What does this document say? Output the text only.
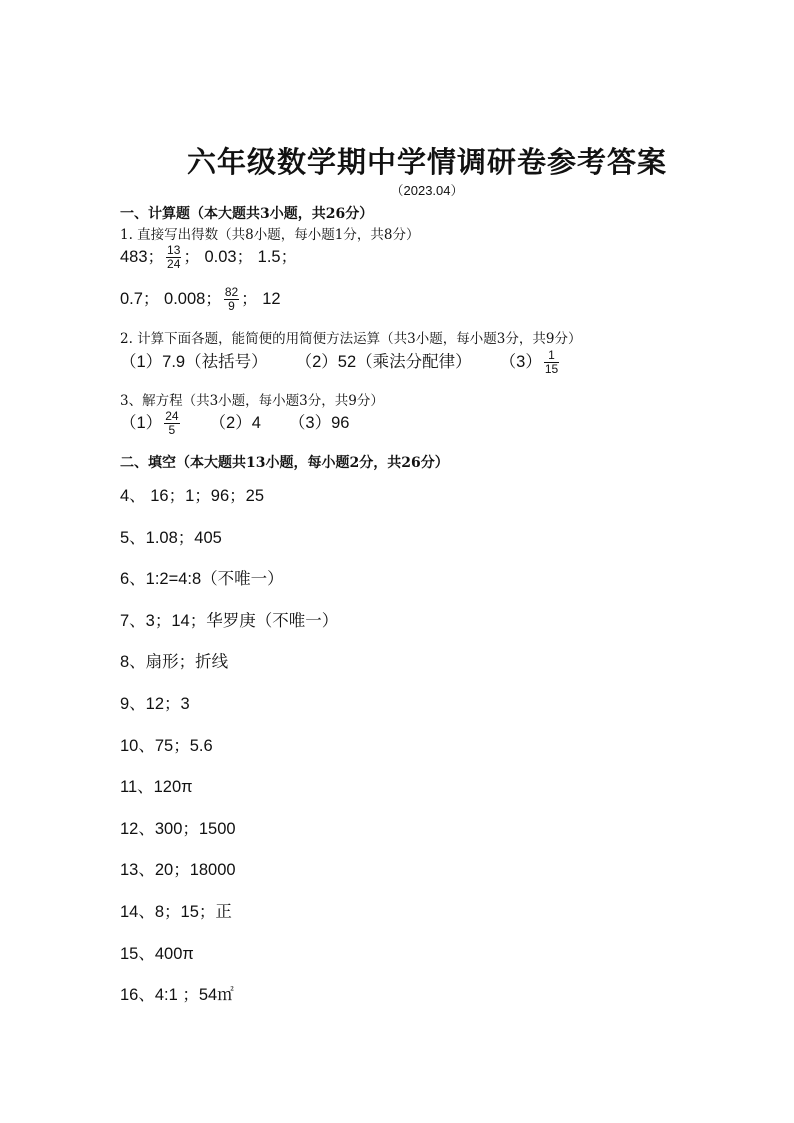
六年级数学期中学情调研卷参考答案
（2023.04）
一、计算题（本大题共3小题，共26分）
1. 直接写出得数（共8小题，每小题1分，共8分）
483； $\frac{13}{24}$ ； 0.03； 1.5；
0.7； 0.008； $\frac{82}{9}$ ； 12
2. 计算下面各题，能简便的用简便方法运算（共3小题，每小题3分，共9分）
（1）7.9（祛括号） （2）52（乘法分配律） $(3) \frac{1}{15}$
3、解方程（共3小题，每小题3分，共9分）
$(1) \frac{24}{5} (2)4$ （3）96
二、填空（本大题共13小题，每小题2分，共26分）
4、 16；1；96；25
5、1.08；405
6、1:2=4:8（不唯一）
7、3；14；华罗庚（不唯一）
8、扇形；折线
9、12；3
10、75；5.6
11、120π
12、300；1500
13、20；18000
14、8；15；正
15、400π
16、4:1 ；54㎡
